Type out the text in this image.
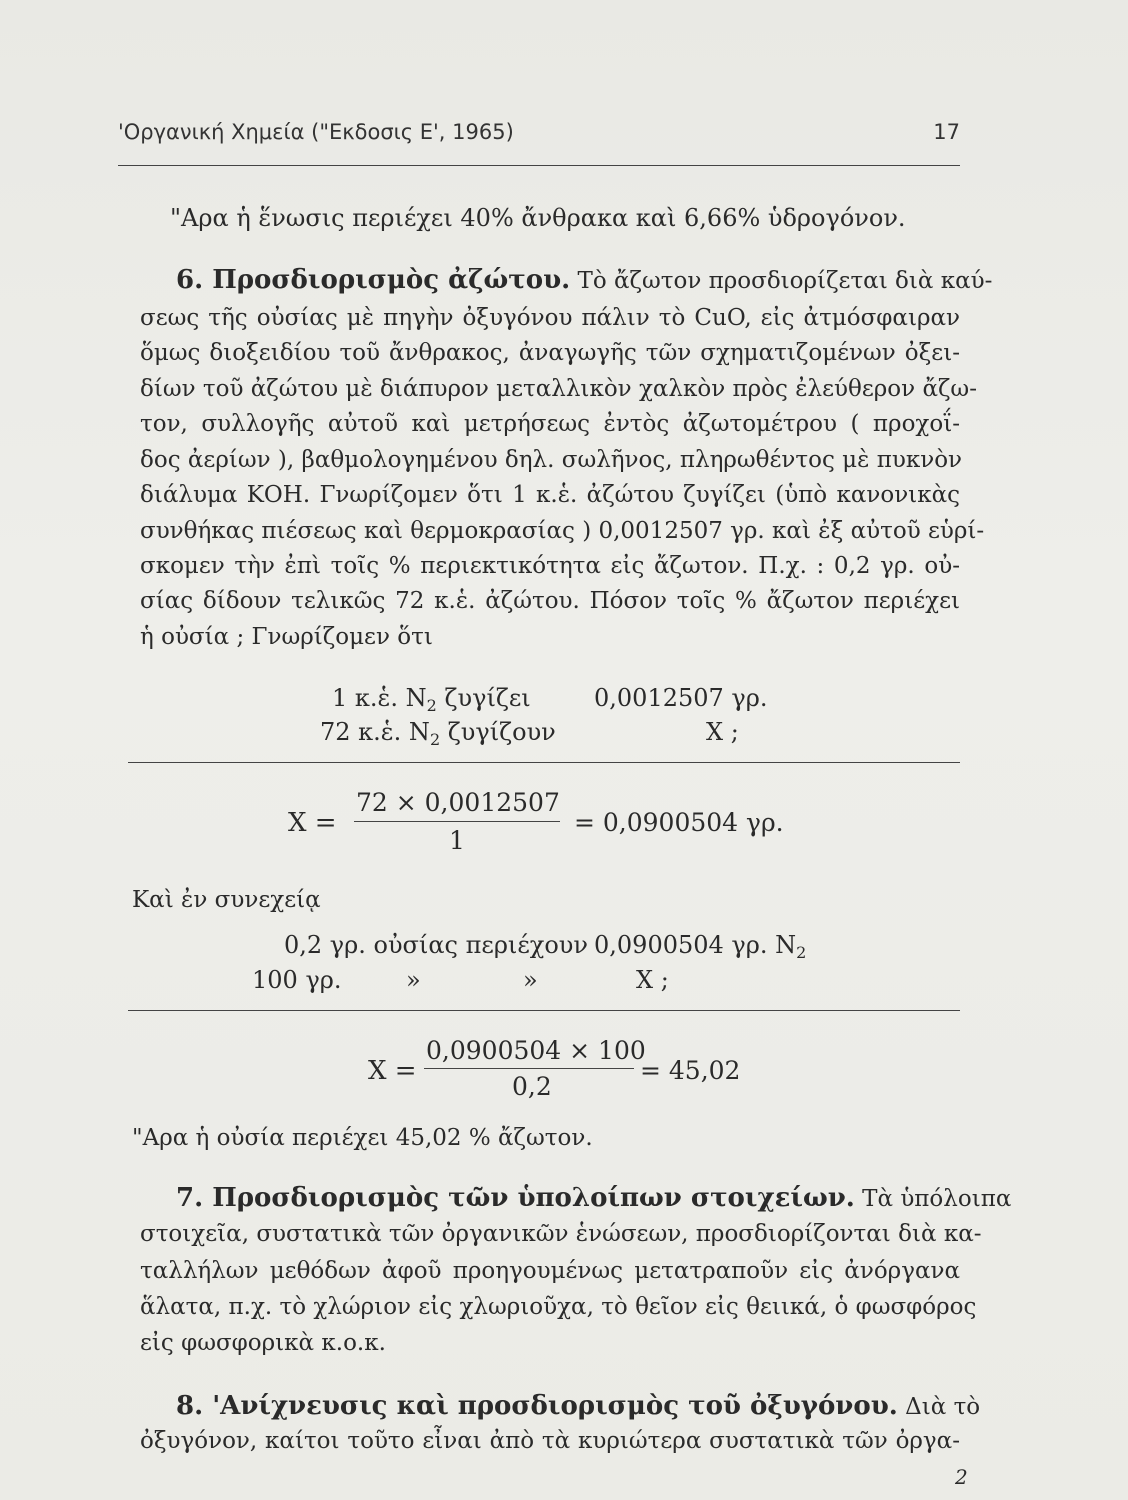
'Οργανική Χημεία ("Εκδοσις Ε', 1965)	17
"Αρα ἡ ἕνωσις περιέχει 40% ἄνθρακα καὶ 6,66% ὑδρογόνον.
6. Προσδιορισμὸς ἀζώτου. Τὸ ἄζωτον προσδιορίζεται διὰ καύ-
σεως τῆς οὐσίας μὲ πηγὴν ὀξυγόνου πάλιν τὸ CuO, εἰς ἀτμόσφαιραν
ὅμως διοξειδίου τοῦ ἄνθρακος, ἀναγωγῆς τῶν σχηματιζομένων ὀξει-
δίων τοῦ ἀζώτου μὲ διάπυρον μεταλλικὸν χαλκὸν πρὸς ἐλεύθερον ἄζω-
τον, συλλογῆς αὐτοῦ καὶ μετρήσεως ἐντὸς ἀζωτομέτρου ( προχοΐ-
δος ἀερίων ), βαθμολογημένου δηλ. σωλῆνος, πληρωθέντος μὲ πυκνὸν
διάλυμα ΚΟΗ. Γνωρίζομεν ὅτι 1 κ.ἑ. ἀζώτου ζυγίζει (ὑπὸ κανονικὰς
συνθήκας πιέσεως καὶ θερμοκρασίας ) 0,0012507 γρ. καὶ ἐξ αὐτοῦ εὑρί-
σκομεν τὴν ἐπὶ τοῖς % περιεκτικότητα εἰς ἄζωτον. Π.χ. : 0,2 γρ. οὐ-
σίας δίδουν τελικῶς 72 κ.ἑ. ἀζώτου. Πόσον τοῖς % ἄζωτον περιέχει
ἡ οὐσία ; Γνωρίζομεν ὅτι
1 κ.ἑ. $N_2$ ζυγίζει	0,0012507 γρ.
72 κ.ἑ. $N_2$ ζυγίζουν	X ;
X =
72 × 0,0012507
1
= 0,0900504 γρ.
Καὶ ἐν συνεχείᾳ
0,2 γρ. οὐσίας περιέχουν 0,0900504 γρ. $N_2$
100 γρ.	»	»	X ;
X =
0,0900504 × 100
0,2
= 45,02
"Αρα ἡ οὐσία περιέχει 45,02 % ἄζωτον.
7. Προσδιορισμὸς τῶν ὑπολοίπων στοιχείων. Τὰ ὑπόλοιπα
στοιχεῖα, συστατικὰ τῶν ὀργανικῶν ἑνώσεων, προσδιορίζονται διὰ κα-
ταλλήλων μεθόδων ἀφοῦ προηγουμένως μετατραποῦν εἰς ἀνόργανα
ἅλατα, π.χ. τὸ χλώριον εἰς χλωριοῦχα, τὸ θεῖον εἰς θειικά, ὁ φωσφόρος
εἰς φωσφορικὰ κ.ο.κ.
8. 'Ανίχνευσις καὶ προσδιορισμὸς τοῦ ὀξυγόνου. Διὰ τὸ
ὀξυγόνον, καίτοι τοῦτο εἶναι ἀπὸ τὰ κυριώτερα συστατικὰ τῶν ὀργα-
2
